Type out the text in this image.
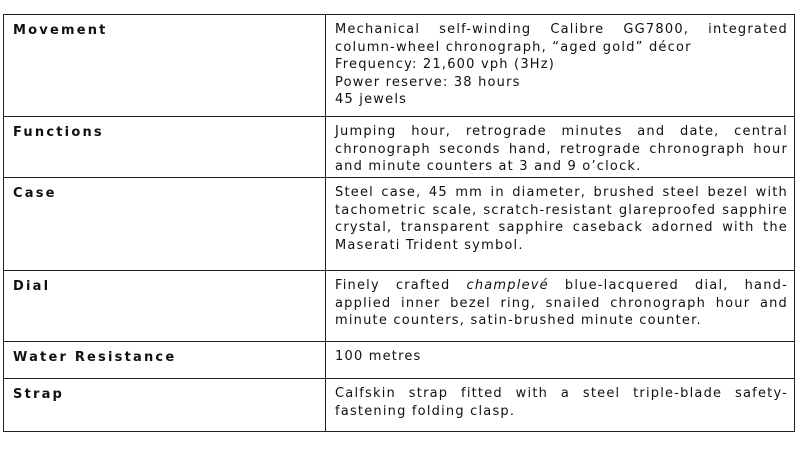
Movement	Mechanical self-winding Calibre GG7800, integrated column-wheel chronograph, “aged gold” décor
Frequency: 21,600 vph (3Hz)
Power reserve: 38 hours
45 jewels

Functions	Jumping hour, retrograde minutes and date, central chronograph seconds hand, retrograde chronograph hour and minute counters at 3 and 9 o’clock.

Case	Steel case, 45 mm in diameter, brushed steel bezel with tachometric scale, scratch-resistant glareproofed sapphire crystal, transparent sapphire caseback adorned with the Maserati Trident symbol.

Dial	Finely crafted champlevé blue-lacquered dial, hand-applied inner bezel ring, snailed chronograph hour and minute counters, satin-brushed minute counter.

Water Resistance	100 metres

Strap	Calfskin strap fitted with a steel triple-blade safety-fastening folding clasp.
